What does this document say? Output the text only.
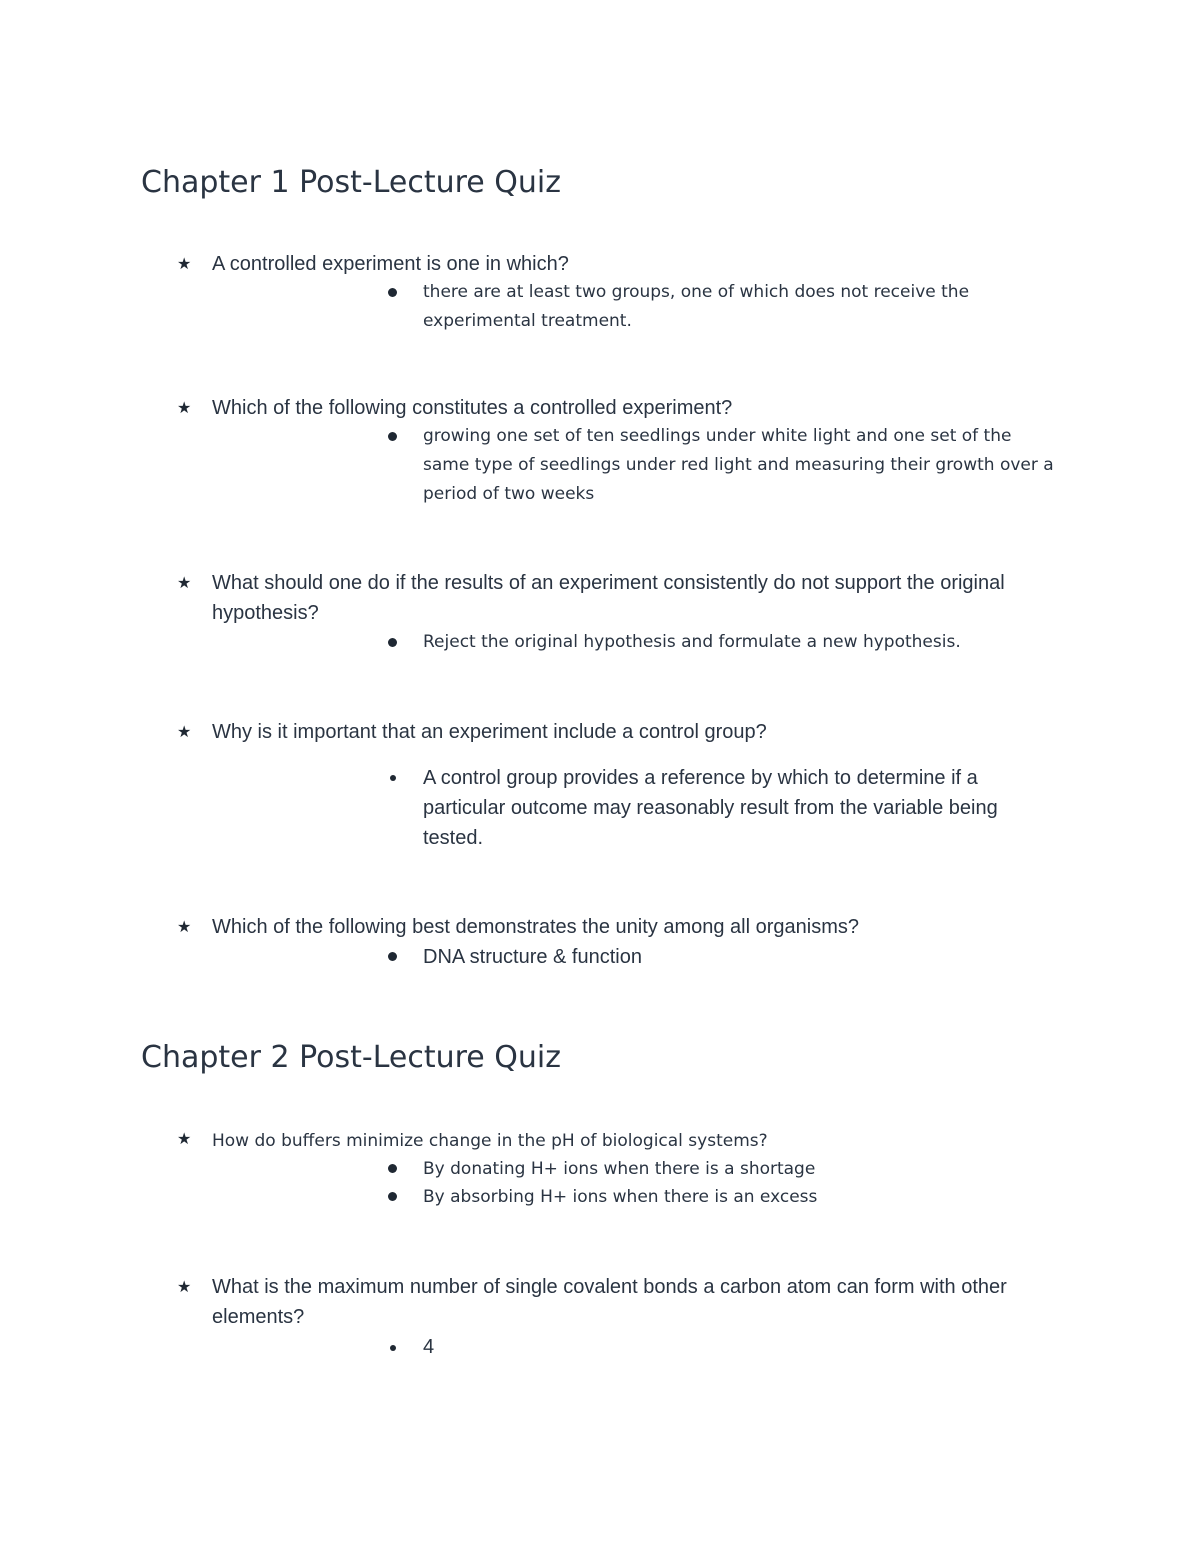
Chapter 1 Post-Lecture Quiz
★ A controlled experiment is one in which?

there are at least two groups, one of which does not receive the experimental treatment.

★ Which of the following constitutes a controlled experiment?

growing one set of ten seedlings under white light and one set of the same type of seedlings under red light and measuring their growth over a period of two weeks

★ What should one do if the results of an experiment consistently do not support the original hypothesis?

Reject the original hypothesis and formulate a new hypothesis.

★ Why is it important that an experiment include a control group?

A control group provides a reference by which to determine if a particular outcome may reasonably result from the variable being tested.

★ Which of the following best demonstrates the unity among all organisms?

DNA structure & function

Chapter 2 Post-Lecture Quiz
★ How do buffers minimize change in the pH of biological systems?

By donating H+ ions when there is a shortage

By absorbing H+ ions when there is an excess

★ What is the maximum number of single covalent bonds a carbon atom can form with other elements?

4
